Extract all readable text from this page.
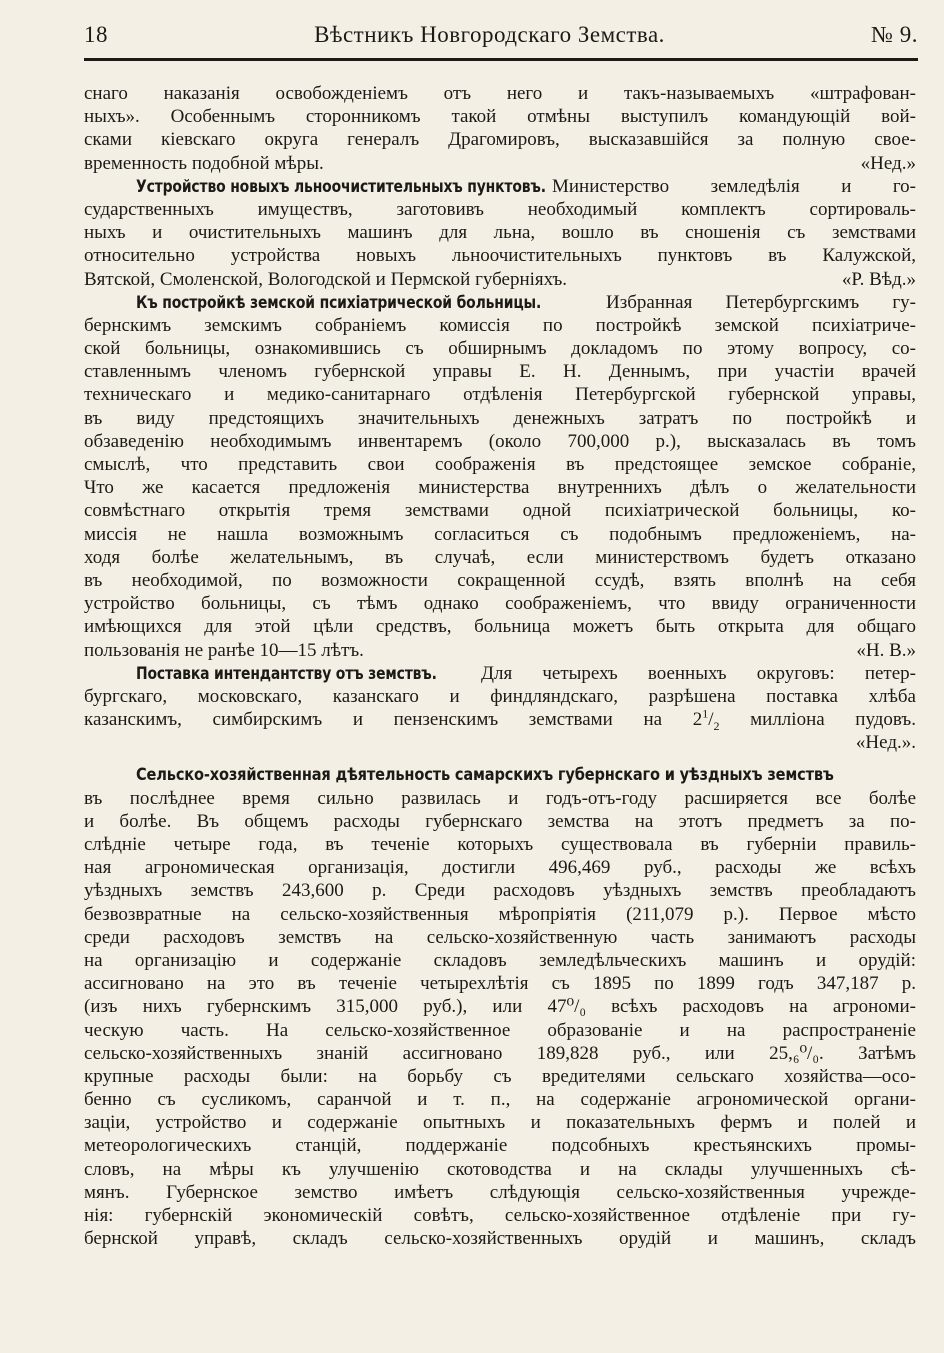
18	Вѣстникъ Новгородскаго Земства.	№ 9.
снаго наказанія освобожденіемъ отъ него и такъ-называемыхъ «штрафован-
ныхъ». Особеннымъ сторонникомъ такой отмѣны выступилъ командующій вой-
сками кіевскаго округа генералъ Драгомировъ, высказавшійся за полную свое-
временность подобной мѣры.	«Нед.»
Устройство новыхъ льноочистительныхъ пунктовъ. Министерство земледѣлія и го-
сударственныхъ имуществъ, заготовивъ необходимый комплектъ сортироваль-
ныхъ и очистительныхъ машинъ для льна, вошло въ сношенія съ земствами
относительно устройства новыхъ льноочистительныхъ пунктовъ въ Калужской,
Вятской, Смоленской, Вологодской и Пермской губерніяхъ.	«Р. Вѣд.»
Къ постройкѣ земской психіатрической больницы.	Избранная Петербургскимъ гу-
бернскимъ земскимъ собраніемъ комиссія по постройкѣ земской психіатриче-
ской больницы, ознакомившись съ обширнымъ докладомъ по этому вопросу, со-
ставленнымъ членомъ губернской управы Е. Н. Деннымъ, при участіи врачей
техническаго и медико-санитарнаго отдѣленія Петербургской губернской управы,
въ виду предстоящихъ значительныхъ денежныхъ затратъ по постройкѣ и
обзаведенію необходимымъ инвентаремъ (около 700,000 р.), высказалась въ томъ
смыслѣ, что представить свои соображенія въ предстоящее земское собраніе,
Что же касается предложенія министерства внутреннихъ дѣлъ о желательности
совмѣстнаго открытія тремя земствами одной психіатрической больницы, ко-
миссія не нашла возможнымъ согласиться съ подобнымъ предложеніемъ, на-
ходя болѣе желательнымъ, въ случаѣ, если министерствомъ будетъ отказано
въ необходимой, по возможности сокращенной ссудѣ, взять вполнѣ на себя
устройство больницы, съ тѣмъ однако соображеніемъ, что ввиду ограниченности
имѣющихся для этой цѣли средствъ, больница можетъ быть открыта для общаго
пользованія не ранѣе 10—15 лѣтъ.	«Н. В.»
Поставка интендантству отъ земствъ.	Для четырехъ военныхъ округовъ: петер-
бургскаго, московскаго, казанскаго и финдляндскаго, разрѣшена поставка хлѣба
казанскимъ, симбирскимъ и пензенскимъ земствами на $2^1/_2$ милліона пудовъ.
«Нед.».
Сельско-хозяйственная дѣятельность самарскихъ губернскаго и уѣздныхъ земствъ
въ послѣднее время сильно развилась и годъ-отъ-году расширяется все болѣе
и болѣе. Въ общемъ расходы губернскаго земства на этотъ предметъ за по-
слѣдніе четыре года, въ теченіе которыхъ существовала въ губерніи правиль-
ная агрономическая организація, достигли 496,469 руб., расходы же всѣхъ
уѣздныхъ земствъ 243,600 р. Среди расходовъ уѣздныхъ земствъ преобладаютъ
безвозвратные на сельско-хозяйственныя мѣропріятія (211,079 р.). Первое мѣсто
среди расходовъ земствъ на сельско-хозяйственную часть занимаютъ расходы
на организацію и содержаніе складовъ земледѣльческихъ машинъ и орудій:
ассигновано на это въ теченіе четырехлѣтія съ 1895 по 1899 годъ 347,187 р.
(изъ нихъ губернскимъ 315,000 руб.), или 47⁰/₀ всѣхъ расходовъ на агрономи-
ческую часть. На сельско-хозяйственное образованіе и на распространеніе
сельско-хозяйственныхъ знаній ассигновано 189,828 руб., или 25,₆⁰/₀. Затѣмъ
крупные расходы были: на борьбу съ вредителями сельскаго хозяйства—осо-
бенно съ сусликомъ, саранчой и т. п., на содержаніе агрономической органи-
заціи, устройство и содержаніе опытныхъ и показательныхъ фермъ и полей и
метеорологическихъ станцій, поддержаніе подсобныхъ крестьянскихъ промы-
словъ, на мѣры къ улучшенію скотоводства и на склады улучшенныхъ сѣ-
мянъ. Губернское земство имѣетъ слѣдующія сельско-хозяйственныя учрежде-
нія: губернскій экономическій совѣтъ, сельско-хозяйственное отдѣленіе при гу-
бернской управѣ, складъ сельско-хозяйственныхъ орудій и машинъ, складъ
